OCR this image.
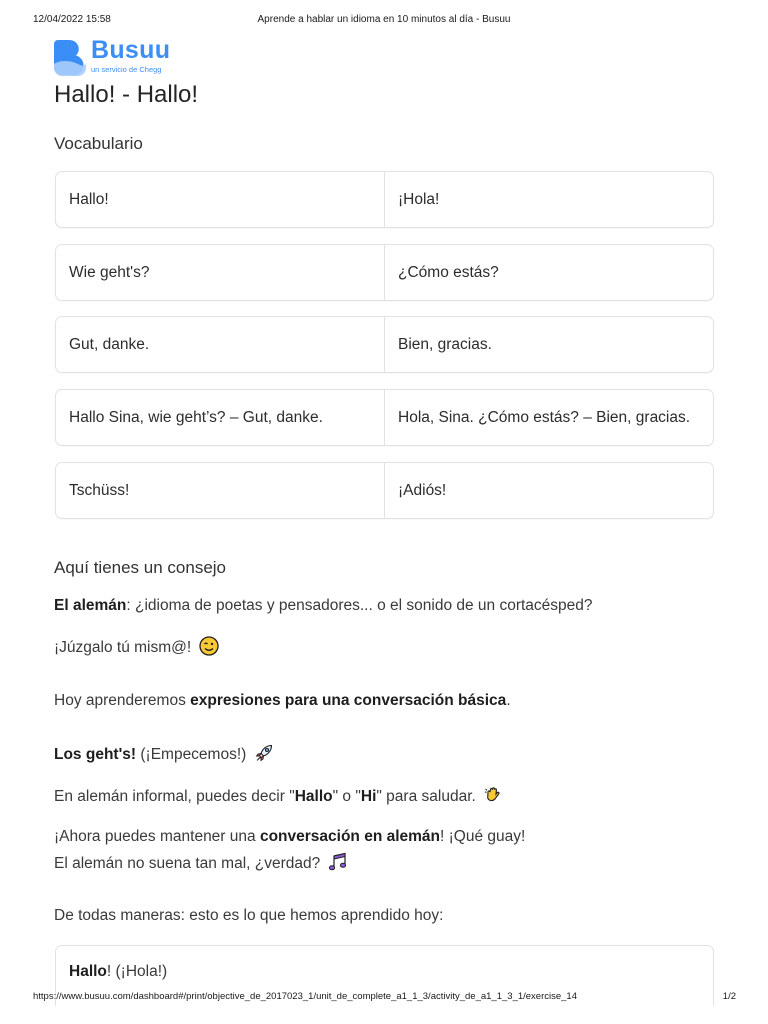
12/04/2022 15:58	Aprende a hablar un idioma en 10 minutos al día - Busuu
Busuu
un servicio de Chegg
Hallo! - Hallo!
Vocabulario
Hallo!	¡Hola!
Wie geht's?	¿Cómo estás?
Gut, danke.	Bien, gracias.
Hallo Sina, wie geht’s? – Gut, danke.	Hola, Sina. ¿Cómo estás? – Bien, gracias.
Tschüss!	¡Adiós!
Aquí tienes un consejo
El alemán: ¿idioma de poetas y pensadores... o el sonido de un cortacésped?
¡Júzgalo tú mism@!
Hoy aprenderemos expresiones para una conversación básica.
Los geht's! (¡Empecemos!)
En alemán informal, puedes decir "Hallo" o "Hi" para saludar.
¡Ahora puedes mantener una conversación en alemán! ¡Qué guay!
El alemán no suena tan mal, ¿verdad?
De todas maneras: esto es lo que hemos aprendido hoy:
Hallo! (¡Hola!)
https://www.busuu.com/dashboard#/print/objective_de_2017023_1/unit_de_complete_a1_1_3/activity_de_a1_1_3_1/exercise_14	1/2
